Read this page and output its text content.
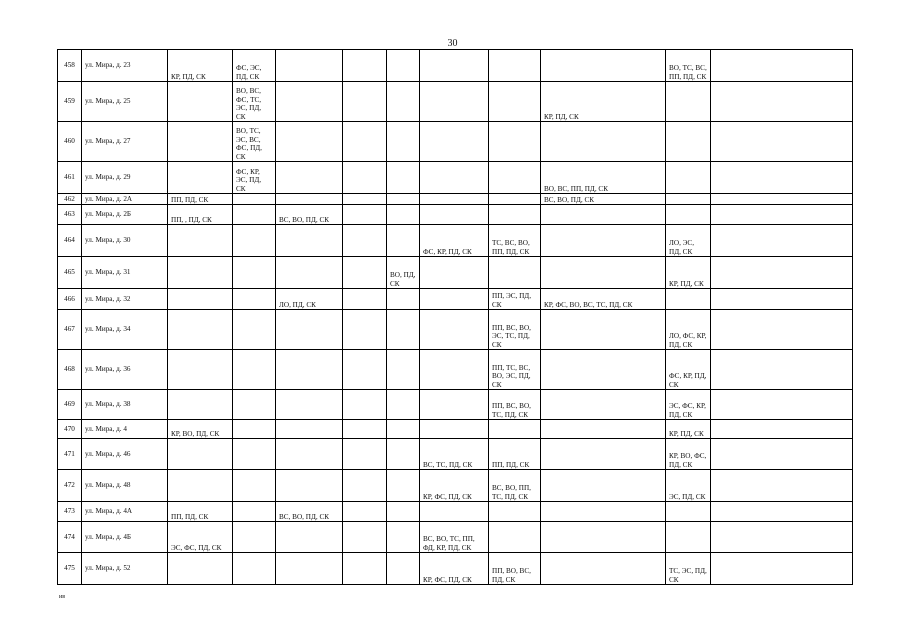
30
458	ул. Мира, д. 23	КР, ПД, СК	ФС, ЭС, ПД, СК							ВО, ТС, ВС, ПП, ПД, СК	
459	ул. Мира, д. 25		ВО, ВС, ФС, ТС, ЭС, ПД, СК						КР, ПД, СК		
460	ул. Мира, д. 27		ВО, ТС, ЭС, ВС, ФС, ПД, СК								
461	ул. Мира, д. 29		ФС, КР, ЭС, ПД, СК						ВО, ВС, ПП, ПД, СК		
462	ул. Мира, д. 2А	ПП, ПД, СК							ВС, ВО, ПД, СК		
463	ул. Мира, д. 2Б	ПП, , ПД, СК		ВС, ВО, ПД, СК							
464	ул. Мира, д. 30						ФС, КР, ПД, СК	ТС, ВС, ВО, ПП, ПД, СК		ЛО, ЭС, ПД, СК	
465	ул. Мира, д. 31					ВО, ПД, СК				КР, ПД, СК	
466	ул. Мира, д. 32			ЛО, ПД, СК				ПП, ЭС, ПД, СК	КР, ФС, ВО, ВС, ТС, ПД, СК		
467	ул. Мира, д. 34							ПП, ВС, ВО, ЭС, ТС, ПД, СК		ЛО, ФС, КР, ПД, СК	
468	ул. Мира, д. 36							ПП, ТС, ВС, ВО, ЭС, ПД, СК		ФС, КР, ПД, СК	
469	ул. Мира, д. 38							ПП, ВС, ВО, ТС, ПД, СК		ЭС, ФС, КР, ПД, СК	
470	ул. Мира, д. 4	КР, ВО, ПД, СК								КР, ПД, СК	
471	ул. Мира, д. 46						ВС, ТС, ПД, СК	ПП, ПД, СК		КР, ВО, ФС, ПД, СК	
472	ул. Мира, д. 48						КР, ФС, ПД, СК	ВС, ВО, ПП, ТС, ПД, СК		ЭС, ПД, СК	
473	ул. Мира, д. 4А	ПП, ПД, СК		ВС, ВО, ПД, СК							
474	ул. Мира, д. 4Б	ЭС, ФС, ПД, СК					ВС, ВО, ТС, ПП, ФД, КР, ПД, СК				
475	ул. Мира, д. 52						КР, ФС, ПД, СК	ПП, ВО, ВС, ПД, СК		ТС, ЭС, ПД, СК	
ив
